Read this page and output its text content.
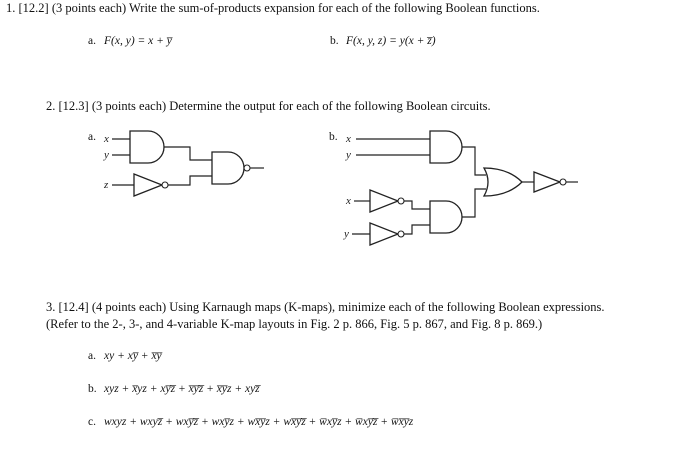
1. [12.2] (3 points each) Write the sum-of-products expansion for each of the following Boolean functions.
a. F(x, y) = x + y̅	b. F(x, y, z) = y(x + z̅)
2. [12.3] (3 points each) Determine the output for each of the following Boolean circuits.
a.	b.
x
y
z
x
y
x
y
3. [12.4] (4 points each) Using Karnaugh maps (K-maps), minimize each of the following Boolean expressions.
(Refer to the 2-, 3-, and 4-variable K-map layouts in Fig. 2 p. 866, Fig. 5 p. 867, and Fig. 8 p. 869.)
a. xy + xy̅ + x̅y̅
b. xyz + x̅yz + xy̅z̅ + x̅y̅z̅ + x̅y̅z + xyz̅
c. wxyz + wxyz̅ + wxy̅z̅ + wxy̅z + wx̅y̅z + wx̅y̅z̅ + w̅xy̅z + w̅xy̅z̅ + w̅x̅y̅z
